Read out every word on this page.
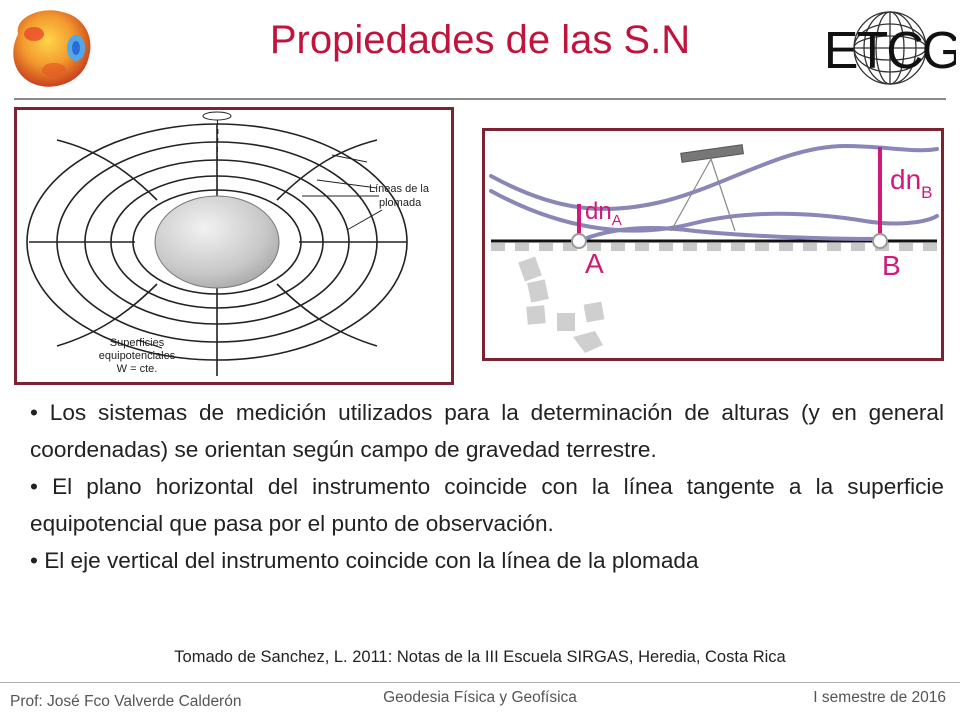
Propiedades de las S.N	ETCG
Líneas de la
plomada
Superficies
equipotenciales
W = cte.
$dn_A$
$dn_B$
A	B
• Los sistemas de medición utilizados para la determinación de alturas (y en general coordenadas) se orientan según campo de gravedad terrestre.
• El plano horizontal del instrumento coincide con la línea tangente a la superficie equipotencial que pasa por el punto de observación.
• El eje vertical del instrumento coincide con la línea de la plomada
Tomado de Sanchez, L. 2011: Notas de la III Escuela SIRGAS, Heredia, Costa Rica
Prof: José Fco Valverde Calderón	Geodesia Física y Geofísica	I semestre de 2016
